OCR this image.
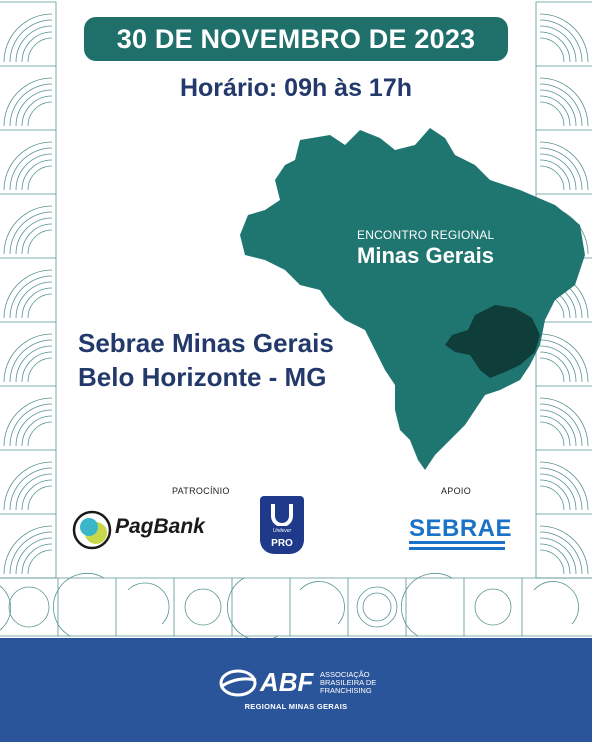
30 DE NOVEMBRO DE 2023
Horário: 09h às 17h
ENCONTRO REGIONAL
Minas Gerais
Sebrae Minas Gerais
Belo Horizonte - MG
PATROCÍNIO	APOIO
PagBank	Unilever
PRO
SEBRAE
ABF ASSOCIAÇÃO
BRASILEIRA DE
FRANCHISING
REGIONAL MINAS GERAIS
